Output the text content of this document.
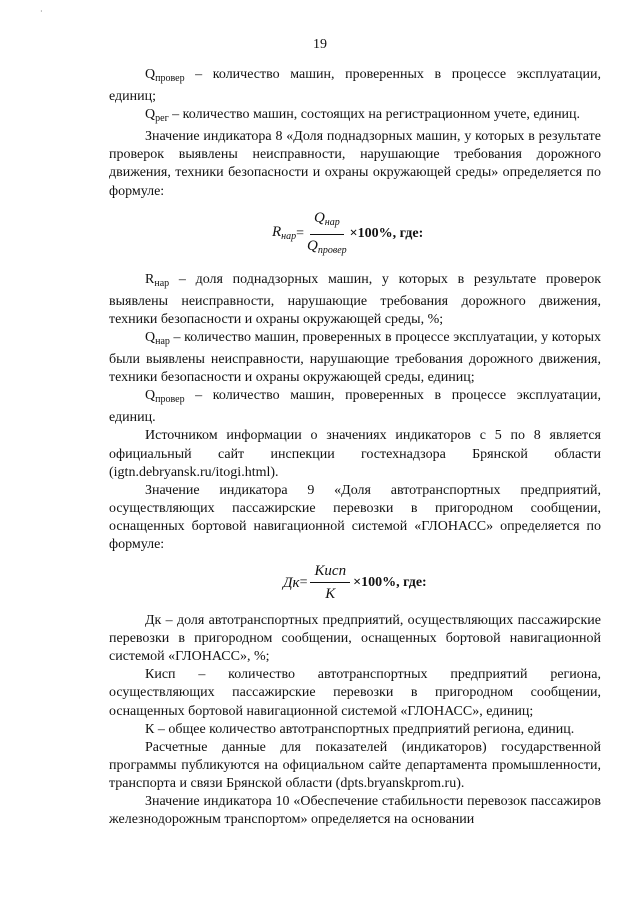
·
19

$Q_{провер}$ – количество машин, проверенных в процессе эксплуатации, единиц;

$Q_{рег}$ – количество машин, состоящих на регистрационном учете, единиц.

Значение индикатора 8 «Доля поднадзорных машин, у которых в результате проверок выявлены неисправности, нарушающие требования дорожного движения, техники безопасности и охраны окружающей среды» определяется по формуле:

$R_{нар} = \frac{Q_{нар}}{Q_{провер}} \times 100\%$, где:

$R_{нар}$ – доля поднадзорных машин, у которых в результате проверок выявлены неисправности, нарушающие требования дорожного движения, техники безопасности и охраны окружающей среды, %;

$Q_{нар}$ – количество машин, проверенных в процессе эксплуатации, у которых были выявлены неисправности, нарушающие требования дорожного движения, техники безопасности и охраны окружающей среды, единиц;

$Q_{провер}$ – количество машин, проверенных в процессе эксплуатации, единиц.

Источником информации о значениях индикаторов с 5 по 8 является официальный сайт инспекции гостехнадзора Брянской области (igtn.debryansk.ru/itogi.html).

Значение индикатора 9 «Доля автотранспортных предприятий, осуществляющих пассажирские перевозки в пригородном сообщении, оснащенных бортовой навигационной системой «ГЛОНАСС» определяется по формуле:

Дк = $\frac{\text{Кисп}}{К} \times 100\%$, где:

Дк – доля автотранспортных предприятий, осуществляющих пассажирские перевозки в пригородном сообщении, оснащенных бортовой навигационной системой «ГЛОНАСС», %;

Кисп – количество автотранспортных предприятий региона, осуществляющих пассажирские перевозки в пригородном сообщении, оснащенных бортовой навигационной системой «ГЛОНАСС», единиц;

К – общее количество автотранспортных предприятий региона, единиц.

Расчетные данные для показателей (индикаторов) государственной программы публикуются на официальном сайте департамента промышленности, транспорта и связи Брянской области (dpts.bryanskprom.ru).

Значение индикатора 10 «Обеспечение стабильности перевозок пассажиров железнодорожным транспортом» определяется на основании
